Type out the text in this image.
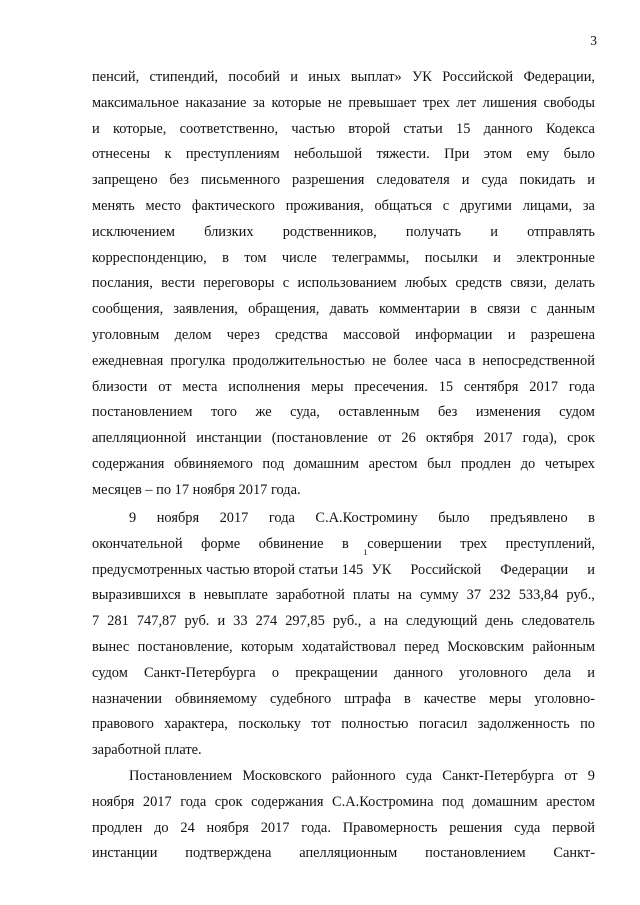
3
пенсий, стипендий, пособий и иных выплат» УК Российской Федерации,
максимальное наказание за которые не превышает трех лет лишения свободы
и которые, соответственно, частью второй статьи 15 данного Кодекса
отнесены к преступлениям небольшой тяжести. При этом ему было
запрещено без письменного разрешения следователя и суда покидать и
менять место фактического проживания, общаться с другими лицами, за
исключением близких родственников, получать и отправлять
корреспонденцию, в том числе телеграммы, посылки и электронные
послания, вести переговоры с использованием любых средств связи, делать
сообщения, заявления, обращения, давать комментарии в связи с данным
уголовным делом через средства массовой информации и разрешена
ежедневная прогулка продолжительностью не более часа в непосредственной
близости от места исполнения меры пресечения. 15 сентября 2017 года
постановлением того же суда, оставленным без изменения судом
апелляционной инстанции (постановление от 26 октября 2017 года), срок
содержания обвиняемого под домашним арестом был продлен до четырех
месяцев – по 17 ноября 2017 года.
9 ноября 2017 года С.А.Костромину было предъявлено в
окончательной форме обвинение в совершении трех преступлений,
предусмотренных частью второй статьи 145
$^1$
УК Российской Федерации и
выразившихся в невыплате заработной платы на сумму 37 232 533,84 руб.,
7 281 747,87 руб. и 33 274 297,85 руб., а на следующий день следователь
вынес постановление, которым ходатайствовал перед Московским районным
судом Санкт-Петербурга о прекращении данного уголовного дела и
назначении обвиняемому судебного штрафа в качестве меры уголовно-
правового характера, поскольку тот полностью погасил задолженность по
заработной плате.
Постановлением Московского районного суда Санкт-Петербурга от 9
ноября 2017 года срок содержания С.А.Костромина под домашним арестом
продлен до 24 ноября 2017 года. Правомерность решения суда первой
инстанции подтверждена апелляционным постановлением Санкт-
